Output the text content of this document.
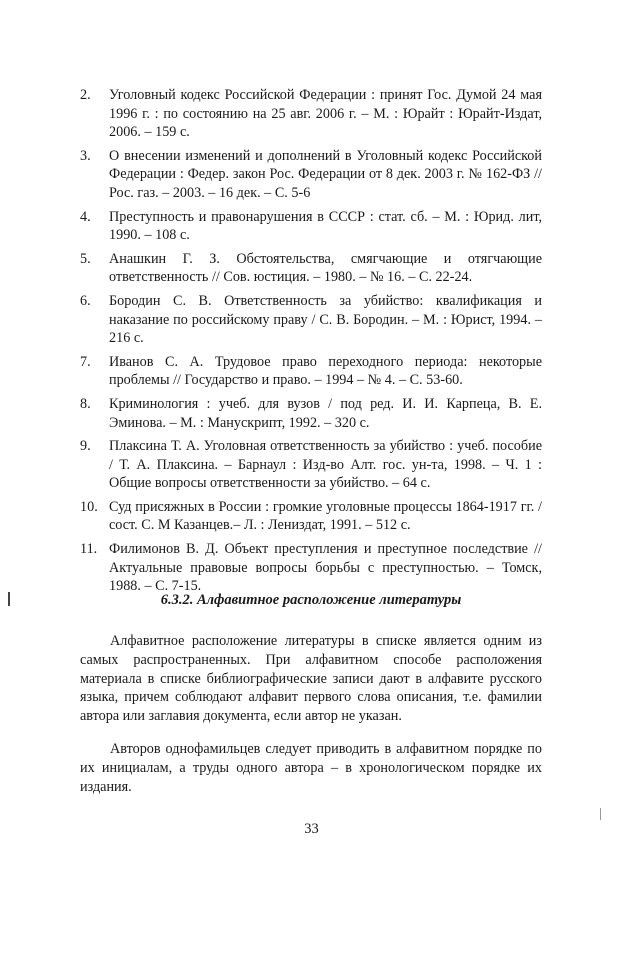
2. Уголовный кодекс Российской Федерации : принят Гос. Думой 24 мая 1996 г. : по состоянию на 25 авг. 2006 г. – М. : Юрайт : Юрайт-Издат, 2006. – 159 с.
3. О внесении изменений и дополнений в Уголовный кодекс Российской Федерации : Федер. закон Рос. Федерации от 8 дек. 2003 г. № 162-ФЗ // Рос. газ. – 2003. – 16 дек. – С. 5-6
4. Преступность и правонарушения в СССР : стат. сб. – М. : Юрид. лит, 1990. – 108 с.
5. Анашкин Г. З. Обстоятельства, смягчающие и отягчающие ответственность // Сов. юстиция. – 1980. – № 16. – С. 22-24.
6. Бородин С. В. Ответственность за убийство: квалификация и наказание по российскому праву / С. В. Бородин. – М. : Юрист, 1994. – 216 с.
7. Иванов С. А. Трудовое право переходного периода: некоторые проблемы // Государство и право. – 1994 – № 4. – С. 53-60.
8. Криминология : учеб. для вузов / под ред. И. И. Карпеца, В. Е. Эминова. – М. : Манускрипт, 1992. – 320 с.
9. Плаксина Т. А. Уголовная ответственность за убийство : учеб. пособие / Т. А. Плаксина. – Барнаул : Изд-во Алт. гос. ун-та, 1998. – Ч. 1 : Общие вопросы ответственности за убийство. – 64 с.
10. Суд присяжных в России : громкие уголовные процессы 1864-1917 гг. / сост. С. М Казанцев.– Л. : Лениздат, 1991. – 512 с.
11. Филимонов В. Д. Объект преступления и преступное последствие // Актуальные правовые вопросы борьбы с преступностью. – Томск, 1988. – С. 7-15.
6.3.2. Алфавитное расположение литературы

Алфавитное расположение литературы в списке является одним из самых распространенных. При алфавитном способе расположения материала в списке библиографические записи дают в алфавите русского языка, причем соблюдают алфавит первого слова описания, т.е. фамилии автора или заглавия документа, если автор не указан.

Авторов однофамильцев следует приводить в алфавитном порядке по их инициалам, а труды одного автора – в хронологическом порядке их издания.

33
